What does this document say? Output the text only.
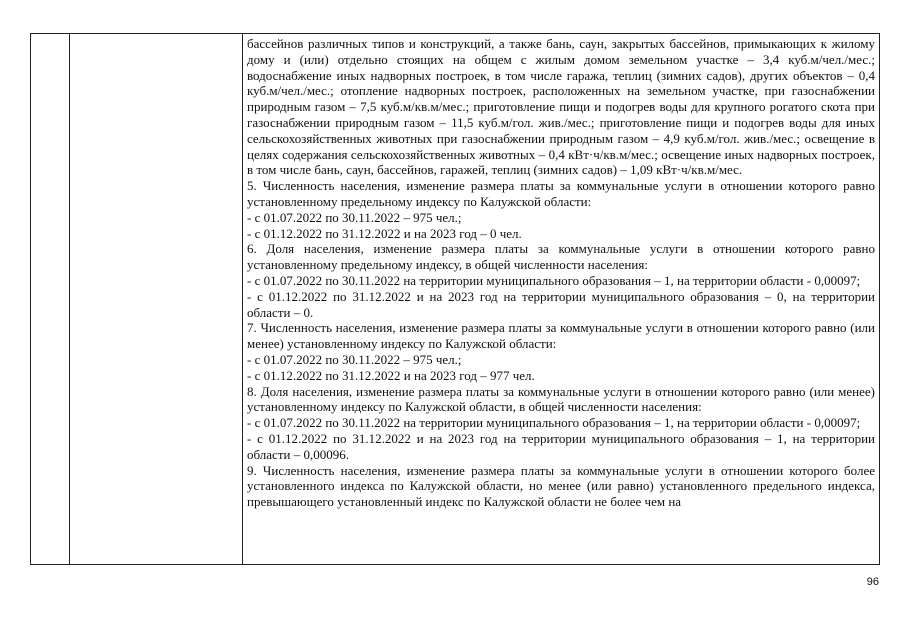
бассейнов различных типов и конструкций, а также бань, саун, закрытых бассейнов, примыкающих к жилому дому и (или) отдельно стоящих на общем с жилым домом земельном участке – 3,4 куб.м/чел./мес.; водоснабжение иных надворных построек, в том числе гаража, теплиц (зимних садов), других объектов – 0,4 куб.м/чел./мес.; отопление надворных построек, расположенных на земельном участке, при газоснабжении природным газом – 7,5 куб.м/кв.м/мес.; приготовление пищи и подогрев воды для крупного рогатого скота при газоснабжении природным газом – 11,5 куб.м/гол. жив./мес.; приготовление пищи и подогрев воды для иных сельскохозяйственных животных при газоснабжении природным газом – 4,9 куб.м/гол. жив./мес.; освещение в целях содержания сельскохозяйственных животных – 0,4 кВт·ч/кв.м/мес.; освещение иных надворных построек, в том числе бань, саун, бассейнов, гаражей, теплиц (зимних садов) – 1,09 кВт·ч/кв.м/мес.

5. Численность населения, изменение размера платы за коммунальные услуги в отношении которого равно установленному предельному индексу по Калужской области:

- с 01.07.2022 по 30.11.2022 – 975 чел.;

- с 01.12.2022 по 31.12.2022 и на 2023 год – 0 чел.

6. Доля населения, изменение размера платы за коммунальные услуги в отношении которого равно установленному предельному индексу, в общей численности населения:

- с 01.07.2022 по 30.11.2022 на территории муниципального образования – 1, на территории области - 0,00097;

- с 01.12.2022 по 31.12.2022 и на 2023 год на территории муниципального образования – 0, на территории области – 0.

7. Численность населения, изменение размера платы за коммунальные услуги в отношении которого равно (или менее) установленному индексу по Калужской области:

- с 01.07.2022 по 30.11.2022 – 975 чел.;

- с 01.12.2022 по 31.12.2022 и на 2023 год – 977 чел.

8. Доля населения, изменение размера платы за коммунальные услуги в отношении которого равно (или менее) установленному индексу по Калужской области, в общей численности населения:

- с 01.07.2022 по 30.11.2022 на территории муниципального образования – 1, на территории области - 0,00097;

- с 01.12.2022 по 31.12.2022 и на 2023 год на территории муниципального образования – 1, на территории области – 0,00096.

9. Численность населения, изменение размера платы за коммунальные услуги в отношении которого более установленного индекса по Калужской области, но менее (или равно) установленного предельного индекса, превышающего установленный индекс по Калужской области не более чем на

96
